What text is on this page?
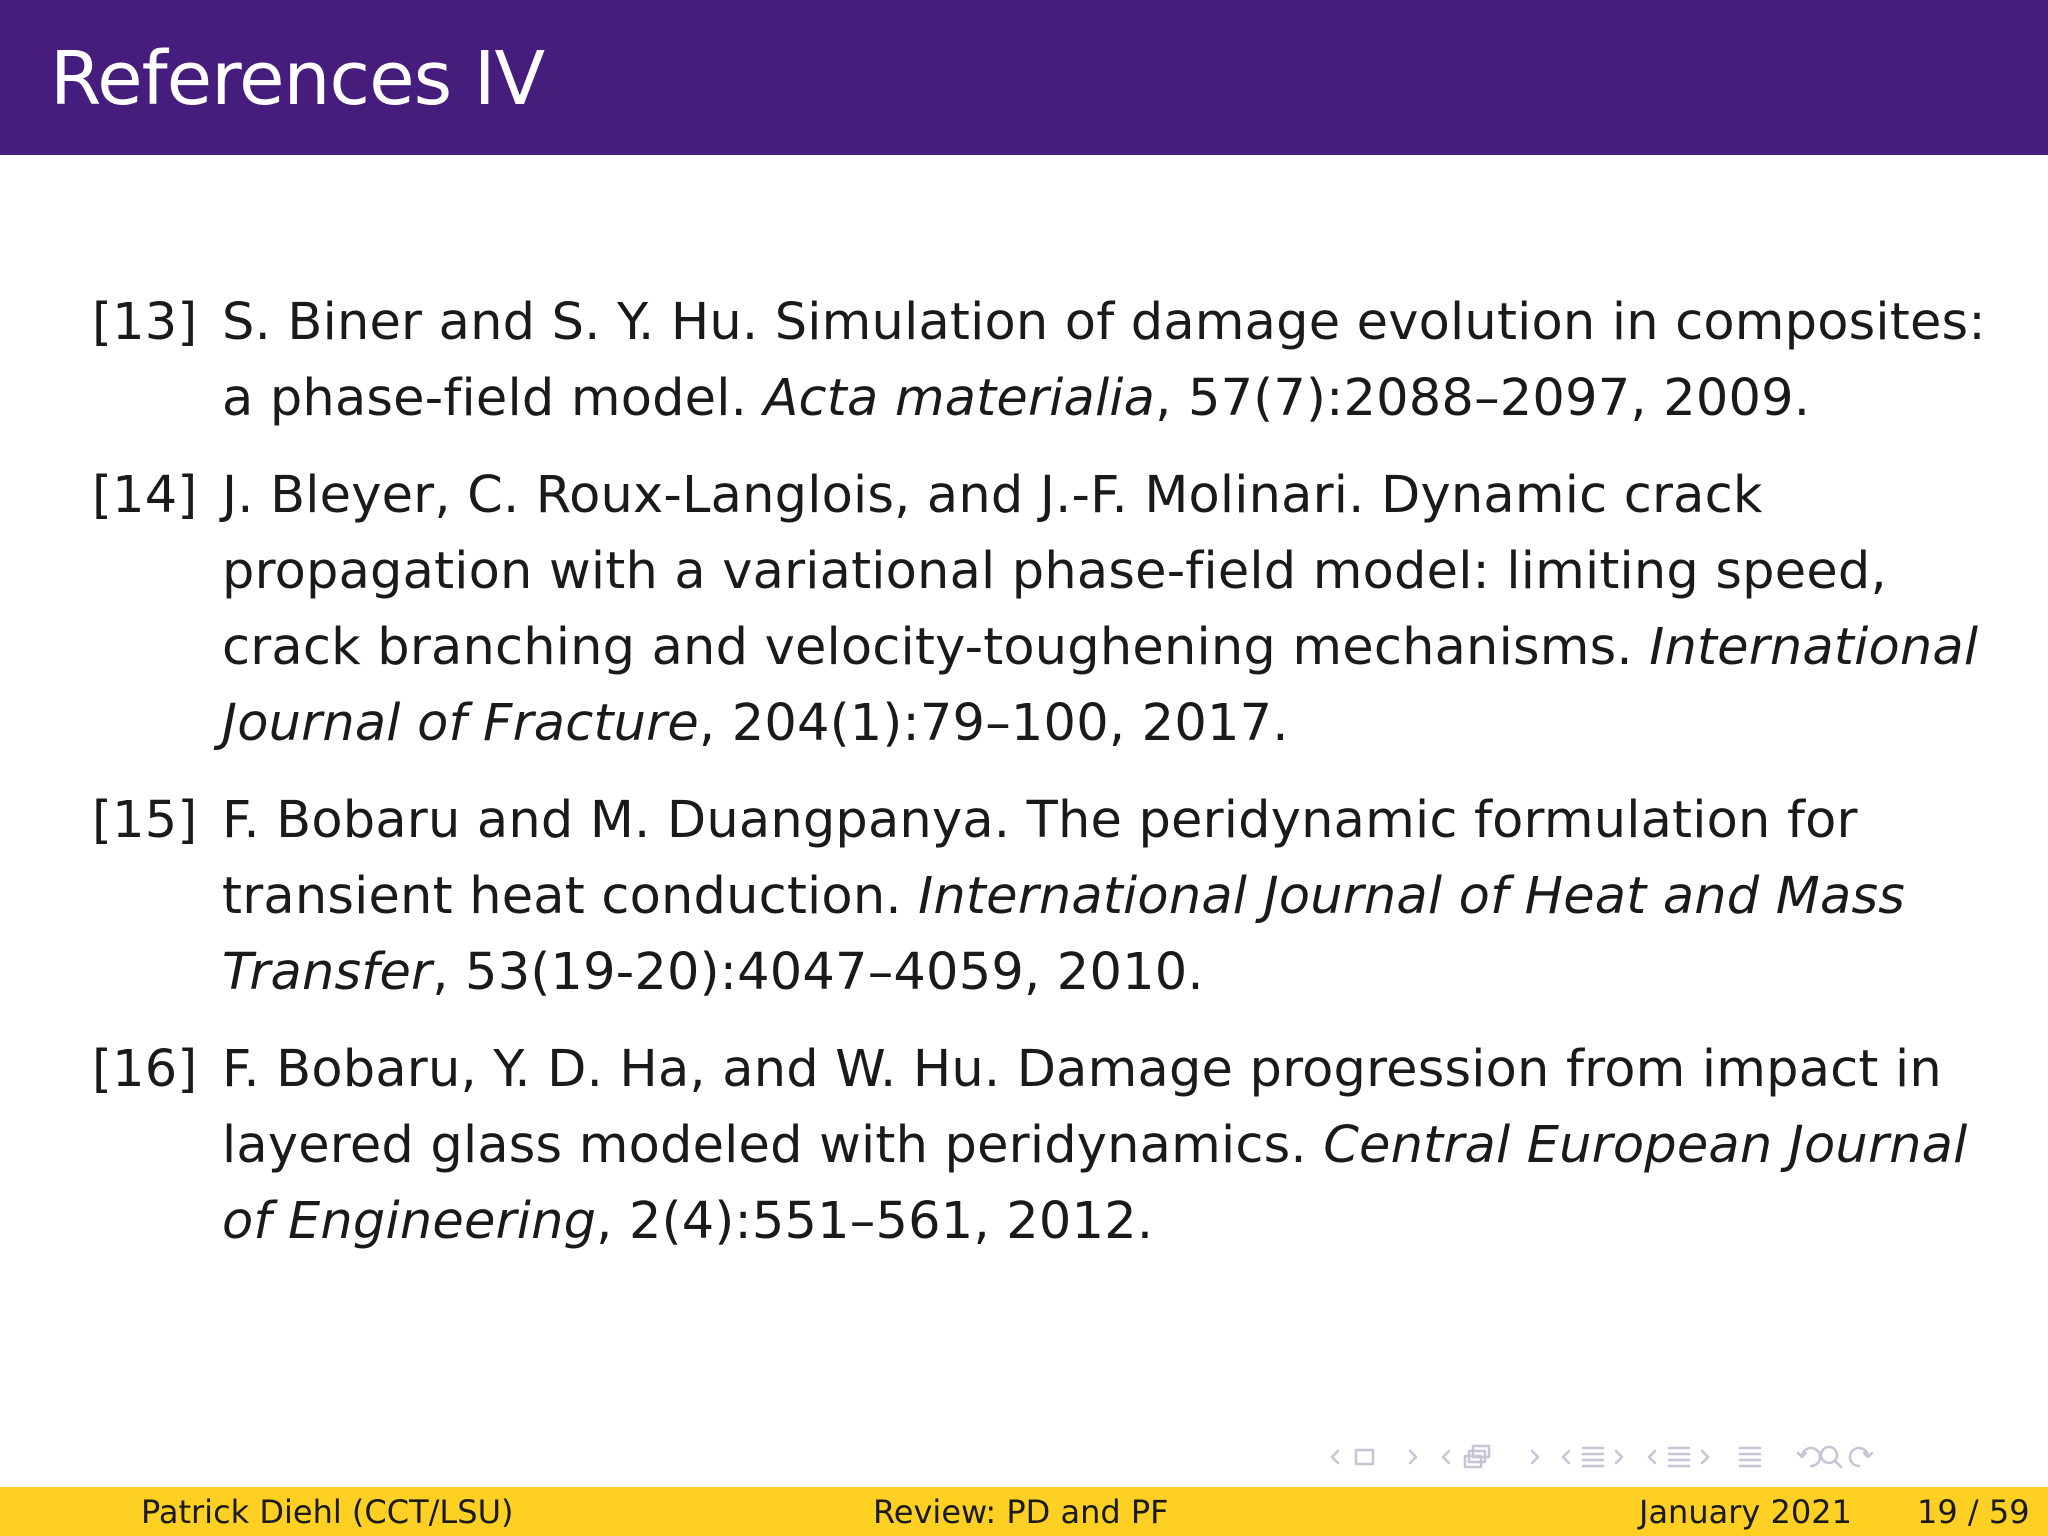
References IV
[13] S. Biner and S. Y. Hu. Simulation of damage evolution in composites: a phase-field model. Acta materialia, 57(7):2088–2097, 2009.
[14] J. Bleyer, C. Roux-Langlois, and J.-F. Molinari. Dynamic crack propagation with a variational phase-field model: limiting speed, crack branching and velocity-toughening mechanisms. International Journal of Fracture, 204(1):79–100, 2017.
[15] F. Bobaru and M. Duangpanya. The peridynamic formulation for transient heat conduction. International Journal of Heat and Mass Transfer, 53(19-20):4047–4059, 2010.
[16] F. Bobaru, Y. D. Ha, and W. Hu. Damage progression from impact in layered glass modeled with peridynamics. Central European Journal of Engineering, 2(4):551–561, 2012.
Patrick Diehl (CCT/LSU)	Review: PD and PF	January 2021 19 / 59
